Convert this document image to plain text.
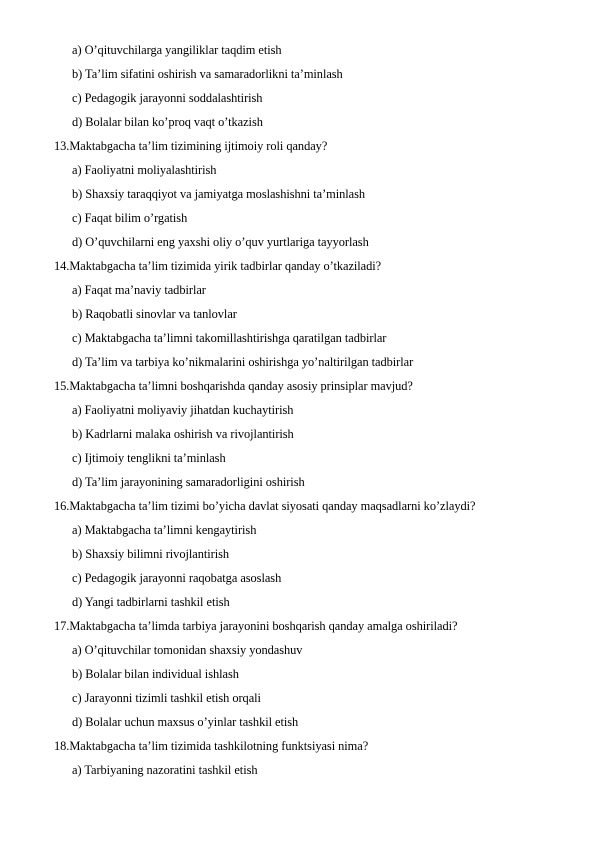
a) O’qituvchilarga yangiliklar taqdim etish
b) Ta’lim sifatini oshirish va samaradorlikni ta’minlash
c) Pedagogik jarayonni soddalashtirish
d) Bolalar bilan ko’proq vaqt o’tkazish
13.Maktabgacha ta’lim tizimining ijtimoiy roli qanday?
a) Faoliyatni moliyalashtirish
b) Shaxsiy taraqqiyot va jamiyatga moslashishni ta’minlash
c) Faqat bilim o’rgatish
d) O’quvchilarni eng yaxshi oliy o’quv yurtlariga tayyorlash
14.Maktabgacha ta’lim tizimida yirik tadbirlar qanday o’tkaziladi?
a) Faqat ma’naviy tadbirlar
b) Raqobatli sinovlar va tanlovlar
c) Maktabgacha ta’limni takomillashtirishga qaratilgan tadbirlar
d) Ta’lim va tarbiya ko’nikmalarini oshirishga yo’naltirilgan tadbirlar
15.Maktabgacha ta’limni boshqarishda qanday asosiy prinsiplar mavjud?
a) Faoliyatni moliyaviy jihatdan kuchaytirish
b) Kadrlarni malaka oshirish va rivojlantirish
c) Ijtimoiy tenglikni ta’minlash
d) Ta’lim jarayonining samaradorligini oshirish
16.Maktabgacha ta’lim tizimi bo’yicha davlat siyosati qanday maqsadlarni ko’zlaydi?
a) Maktabgacha ta’limni kengaytirish
b) Shaxsiy bilimni rivojlantirish
c) Pedagogik jarayonni raqobatga asoslash
d) Yangi tadbirlarni tashkil etish
17.Maktabgacha ta’limda tarbiya jarayonini boshqarish qanday amalga oshiriladi?
a) O’qituvchilar tomonidan shaxsiy yondashuv
b) Bolalar bilan individual ishlash
c) Jarayonni tizimli tashkil etish orqali
d) Bolalar uchun maxsus o’yinlar tashkil etish
18.Maktabgacha ta’lim tizimida tashkilotning funktsiyasi nima?
a) Tarbiyaning nazoratini tashkil etish
